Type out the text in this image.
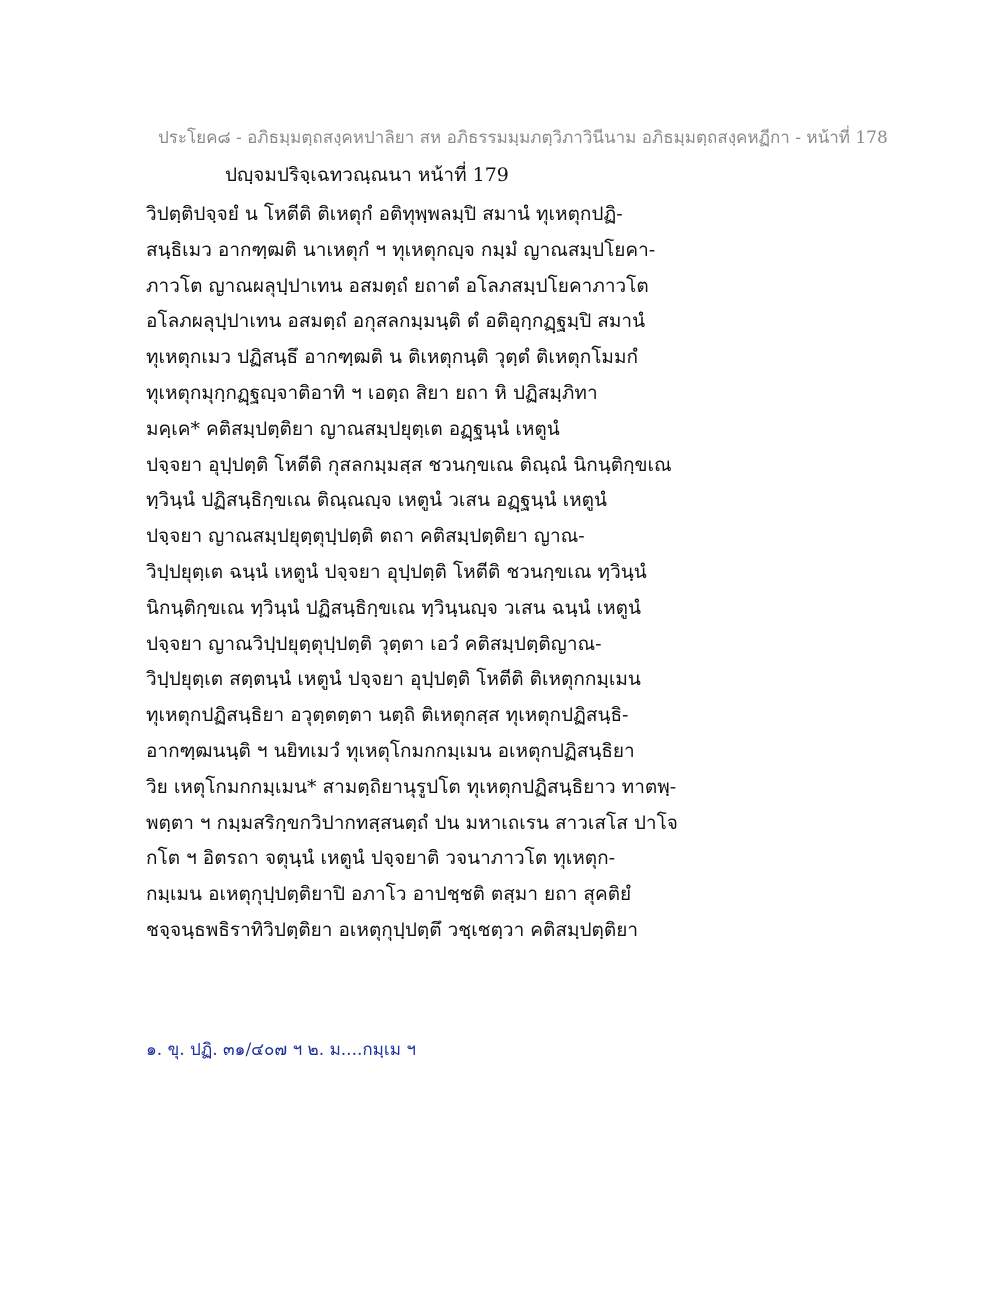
ประโยค๘ - อภิธมฺมตฺถสงฺคหปาลิยา สห อภิธรรมมฺมภตฺวิภาวินีนาม อภิธมฺมตฺถสงฺคหฏีกา - หน้าที่ 178
ปญฺจมปริจฺเฉทวณฺณนา หน้าที่ 179
วิปตฺติปจฺจยํ น โหตีติ ติเหตุกํ อติทุพฺพลมฺปิ สมานํ ทุเหตุกปฏิ-
สนฺธิเมว อากฑฺฒติ นาเหตุกํ ฯ ทุเหตุกญฺจ กมฺมํ ญาณสมฺปโยคา-
ภาวโต ญาณผลุปฺปาเทน อสมตฺถํ ยถาตํ อโลภสมฺปโยคาภาวโต
อโลภผลุปฺปาเทน อสมตฺถํ อกุสลกมฺมนฺติ ตํ อติอุกฺกฏฺฐมฺปิ สมานํ
ทุเหตุกเมว ปฏิสนฺธึ อากฑฺฒติ น ติเหตุกนฺติ วุตฺตํ ติเหตุกโมมกํ
ทุเหตุกมุกฺกฏฺฐญฺจาติอาทิ ฯ เอตฺถ สิยา ยถา หิ ปฏิสมฺภิทา
มคฺเค* คติสมฺปตฺติยา ญาณสมฺปยุตฺเต อฏฺฐนฺนํ เหตูนํ
ปจฺจยา อุปฺปตฺติ โหตีติ กุสลกมฺมสฺส ชวนกฺขเณ ติณฺณํ นิกนฺติกฺขเณ
ทฺวินฺนํ ปฏิสนฺธิกฺขเณ ติณฺณญฺจ เหตูนํ วเสน อฏฺฐนฺนํ เหตูนํ
ปจฺจยา ญาณสมฺปยุตฺตุปฺปตฺติ ตถา คติสมฺปตฺติยา ญาณ-
วิปฺปยุตฺเต ฉนฺนํ เหตูนํ ปจฺจยา อุปฺปตฺติ โหตีติ ชวนกฺขเณ ทฺวินฺนํ
นิกนฺติกฺขเณ ทฺวินฺนํ ปฏิสนฺธิกฺขเณ ทฺวินฺนญฺจ วเสน ฉนฺนํ เหตูนํ
ปจฺจยา ญาณวิปฺปยุตฺตุปฺปตฺติ วุตฺตา เอวํ คติสมฺปตฺติญาณ-
วิปฺปยุตฺเต สตฺตนฺนํ เหตูนํ ปจฺจยา อุปฺปตฺติ โหตีติ ติเหตุกกมฺเมน
ทุเหตุกปฏิสนฺธิยา อวุตฺตตฺตา นตฺถิ ติเหตุกสฺส ทุเหตุกปฏิสนฺธิ-
อากฑฺฒนนฺติ ฯ นยิทเมวํ ทุเหตุโกมกกมฺเมน อเหตุกปฏิสนฺธิยา
วิย เหตุโกมกกมฺเมน* สามตฺถิยานุรูปโต ทุเหตุกปฏิสนฺธิยาว ทาตพฺ-
พตฺตา ฯ กมฺมสริกฺขกวิปากทสฺสนตฺถํ ปน มหาเถเรน สาวเสโส ปาโจ
กโต ฯ อิตรถา จตุนฺนํ เหตูนํ ปจฺจยาติ วจนาภาวโต ทุเหตุก-
กมฺเมน อเหตุกุปฺปตฺติยาปิ อภาโว อาปชฺชติ ตสฺมา ยถา สุคติยํ
ชจฺจนฺธพธิราทิวิปตฺติยา อเหตุกุปฺปตฺตึ วชฺเชตฺวา คติสมฺปตฺติยา
๑. ขุ. ปฏิ. ๓๑/๔๐๗ ฯ ๒. ม....กมฺเม ฯ
